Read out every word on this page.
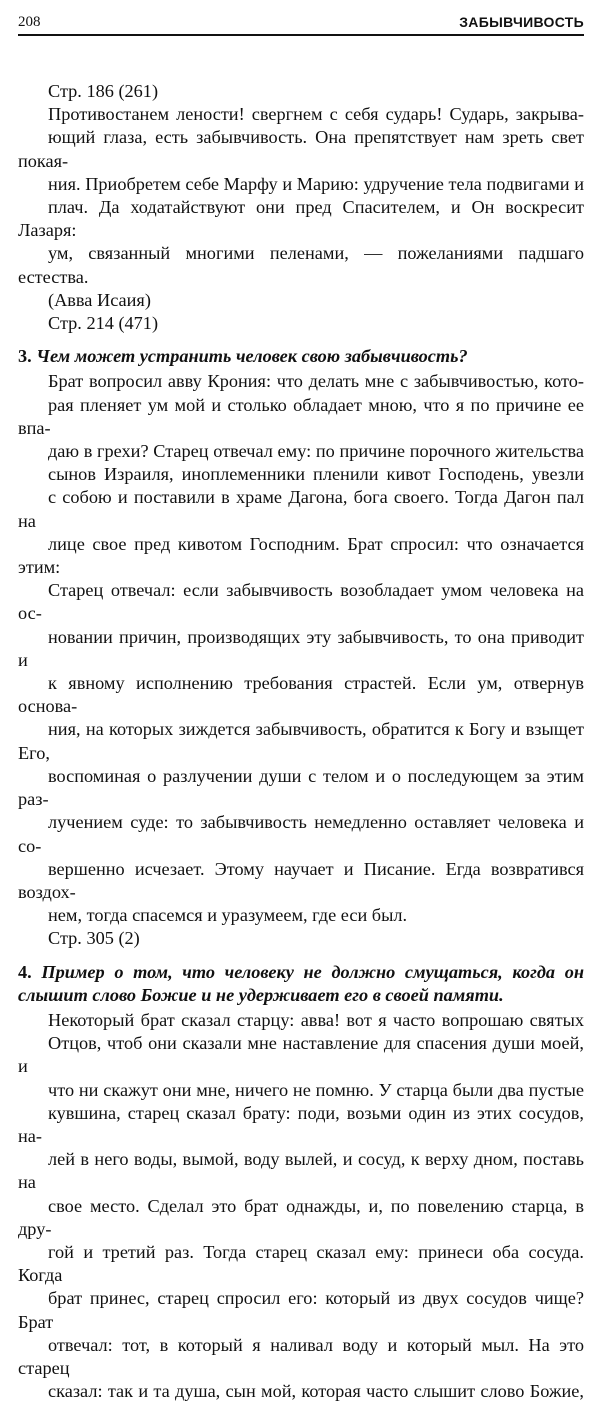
208	ЗАБЫВЧИВОСТЬ

Стр. 186 (261)

Противостанем лености! свергнем с себя сударь! Сударь, закрыва-
ющий глаза, есть забывчивость. Она препятствует нам зреть свет покая-
ния. Приобретем себе Марфу и Марию: удручение тела подвигами и
плач. Да ходатайствуют они пред Спасителем, и Он воскресит Лазаря:
ум, связанный многими пеленами, — пожеланиями падшаго естества.
(Авва Исаия)

Стр. 214 (471)

3. Чем может устранить человек свою забывчивость?
Брат вопросил авву Крония: что делать мне с забывчивостью, кото-
рая пленяет ум мой и столько обладает мною, что я по причине ее впа-
даю в грехи? Старец отвечал ему: по причине порочного жительства
сынов Израиля, иноплеменники пленили кивот Господень, увезли
с собою и поставили в храме Дагона, бога своего. Тогда Дагон пал на
лице свое пред кивотом Господним. Брат спросил: что означается этим:
Старец отвечал: если забывчивость возобладает умом человека на ос-
новании причин, производящих эту забывчивость, то она приводит и
к явному исполнению требования страстей. Если ум, отвернув основа-
ния, на которых зиждется забывчивость, обратится к Богу и взыщет Его,
воспоминая о разлучении души с телом и о последующем за этим раз-
лучением суде: то забывчивость немедленно оставляет человека и со-
вершенно исчезает. Этому научает и Писание. Егда возвратився воздох-
нем, тогда спасемся и уразумеем, где еси был.

Стр. 305 (2)

4. Пример о том, что человеку не должно смущаться, когда он
слышит слово Божие и не удерживает его в своей памяти.
Некоторый брат сказал старцу: авва! вот я часто вопрошаю святых
Отцов, чтоб они сказали мне наставление для спасения души моей, и
что ни скажут они мне, ничего не помню. У старца были два пустые
кувшина, старец сказал брату: поди, возьми один из этих сосудов, на-
лей в него воды, вымой, воду вылей, и сосуд, к верху дном, поставь на
свое место. Сделал это брат однажды, и, по повелению старца, в дру-
гой и третий раз. Тогда старец сказал ему: принеси оба сосуда. Когда
брат принес, старец спросил его: который из двух сосудов чище? Брат
отвечал: тот, в который я наливал воду и который мыл. На это старец
сказал: так и та душа, сын мой, которая часто слышит слово Божие,
